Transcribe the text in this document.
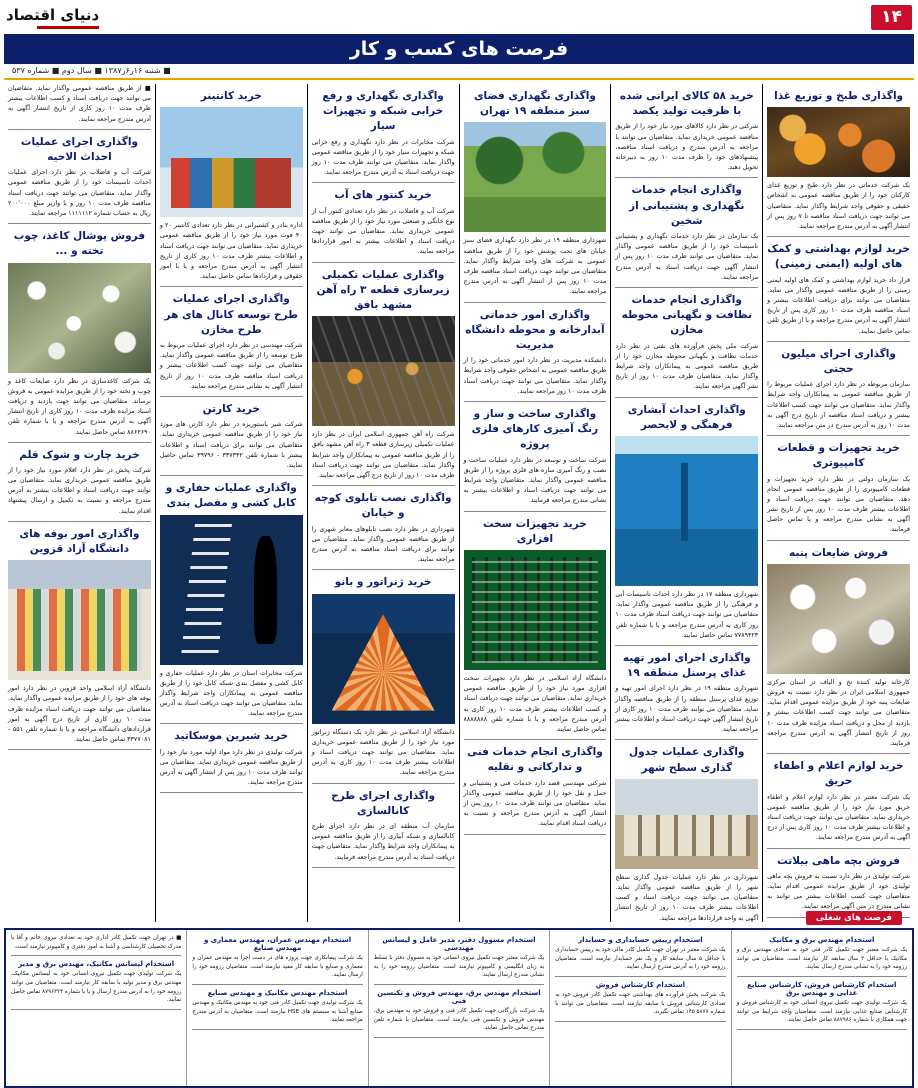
۱۴
دنیای اقتصاد
فرصت های کسب و کار
■ شنبه ۱۶ر۶ر۱۳۸۷ ■ سال دوم ■ شماره ۵۳۷
واگذاری طبخ و توزیع غذا

یک شرکت خدماتی در نظر دارد طبخ و توزیع غذای کارکنان خود را از طریق مناقصه عمومی به اشخاص حقیقی و حقوقی واجد شرایط واگذار نماید. متقاضیان می توانند جهت دریافت اسناد مناقصه تا ۷ روز پس از انتشار آگهی به آدرس مندرج مراجعه نمایند.

خرید لوازم بهداشتی و کمک های اولیه (ایمنی زمینی)

قرار داد خرید لوازم بهداشتی و کمک های اولیه ایمنی زمینی را از طریق مناقصه عمومی واگذار می نماید. متقاضیان می توانند برای دریافت اطلاعات بیشتر و اسناد مناقصه ظرف مدت ۱۰ روز کاری پس از تاریخ انتشار آگهی به آدرس مندرج مراجعه و یا از طریق تلفن تماس حاصل نمایند.

واگذاری اجرای میلیون حجتی

سازمان مربوطه در نظر دارد اجرای عملیات مربوط را از طریق مناقصه عمومی به پیمانکاران واجد شرایط واگذار نماید. متقاضیان می توانند جهت کسب اطلاعات بیشتر و دریافت اسناد مناقصه از تاریخ درج آگهی به مدت ۱۰ روز به آدرس مندرج در متن مراجعه نمایند.

خرید تجهیزات و قطعات کامپیوتری

یک سازمان دولتی در نظر دارد خرید تجهیزات و قطعات کامپیوتری را از طریق مناقصه عمومی انجام دهد. متقاضیان می توانند جهت دریافت اسناد و اطلاعات بیشتر ظرف مدت ۱۰ روز پس از تاریخ نشر آگهی به نشانی مندرج مراجعه و یا تماس حاصل فرمایند.

فروش ضایعات پنبه

کارخانه تولید کننده نخ و الیاف در استان مرکزی جمهوری اسلامی ایران در نظر دارد نسبت به فروش ضایعات پنبه خود از طریق مزایده عمومی اقدام نماید. متقاضیان می توانند جهت کسب اطلاعات بیشتر و بازدید از محل و دریافت اسناد مزایده ظرف مدت ۱۰ روز از تاریخ انتشار آگهی به آدرس مندرج مراجعه فرمایند.

خرید لوازم اعلام و اطفاء حریق

یک شرکت معتبر در نظر دارد لوازم اعلام و اطفاء حریق مورد نیاز خود را از طریق مناقصه عمومی خریداری نماید. متقاضیان می توانند جهت دریافت اسناد و اطلاعات بیشتر ظرف مدت ۱۰ روز کاری پس از درج آگهی به آدرس مندرج مراجعه نمایند.

فروش بچه ماهی بیلاتت

شرکت تولیدی در نظر دارد نسبت به فروش بچه ماهی تولیدی خود از طریق مزایده عمومی اقدام نماید. متقاضیان جهت کسب اطلاعات بیشتر می توانند به نشانی مندرج در متن آگهی مراجعه نمایند.

خرید ۵۸ کالای ایرانی شده با ظرفیت تولید یکصد

شرکتی در نظر دارد کالاهای مورد نیاز خود را از طریق مناقصه عمومی خریداری نماید. متقاضیان می توانند با مراجعه به آدرس مندرج و دریافت اسناد مناقصه، پیشنهادهای خود را ظرف مدت ۱۰ روز به دبیرخانه تحویل دهند.

واگذاری انجام خدمات نگهداری و پشتیبانی از شخین

یک سازمان در نظر دارد خدمات نگهداری و پشتیبانی تاسیسات خود را از طریق مناقصه عمومی واگذار نماید. متقاضیان می توانند ظرف مدت ۱۰ روز پس از انتشار آگهی جهت دریافت اسناد به آدرس مندرج مراجعه نمایند.

واگذاری انجام خدمات نظافت و نگهبانی محوطه مخازن

شرکت ملی پخش فرآورده های نفتی در نظر دارد خدمات نظافت و نگهبانی محوطه مخازن خود را از طریق مناقصه عمومی به پیمانکاران واجد شرایط واگذار نماید. متقاضیان ظرف مدت ۱۰ روز از تاریخ نشر آگهی مراجعه نمایند.

واگذاری احداث آبشاری فرهنگی و لایحصر

شهرداری منطقه ۱۷ در نظر دارد احداث تاسیسات آبی و فرهنگی را از طریق مناقصه عمومی واگذار نماید. متقاضیان می توانند جهت دریافت اسناد ظرف مدت ۱۰ روز کاری به آدرس مندرج مراجعه و یا با شماره تلفن ۷۷۸۹۴۲۳ تماس حاصل نمایند.

واگذاری اجرای امور تهیه غذای پرسنل منطقه ۱۹

شهرداری منطقه ۱۹ در نظر دارد اجرای امور تهیه و توزیع غذای پرسنل منطقه را از طریق مناقصه واگذار نماید. متقاضیان می توانند ظرف مدت ۱۰ روز کاری از تاریخ انتشار آگهی جهت دریافت اسناد و اطلاعات بیشتر مراجعه نمایند.

واگذاری عملیات جدول گذاری سطح شهر

شهرداری در نظر دارد عملیات جدول گذاری سطح شهر را از طریق مناقصه عمومی واگذار نماید. متقاضیان می توانند جهت دریافت اسناد و کسب اطلاعات بیشتر ظرف مدت ۱۰ روز از تاریخ انتشار آگهی به واحد قراردادها مراجعه نمایند.

واگذاری نگهداری فضای سبز منطقه ۱۹ تهران

شهرداری منطقه ۱۹ در نظر دارد نگهداری فضای سبز خیابان های تحت پوشش خود را از طریق مناقصه عمومی به شرکت های واجد شرایط واگذار نماید. متقاضیان می توانند جهت دریافت اسناد مناقصه ظرف مدت ۱۰ روز پس از انتشار آگهی به آدرس مندرج مراجعه نمایند.

واگذاری امور خدماتی آبدارخانه و محوطه دانشگاه مدیریت

دانشکده مدیریت در نظر دارد امور خدماتی خود را از طریق مناقصه عمومی به اشخاص حقوقی واجد شرایط واگذار نماید. متقاضیان می توانند جهت دریافت اسناد ظرف مدت ۱۰ روز مراجعه نمایند.

واگذاری ساخت و ساز و رنگ آمیزی کارهای فلزی پروژه

شرکت ساخت و توسعه در نظر دارد عملیات ساخت و نصب و رنگ آمیزی سازه های فلزی پروژه را از طریق مناقصه عمومی واگذار نماید. متقاضیان واجد شرایط می توانند جهت دریافت اسناد و اطلاعات بیشتر به نشانی مندرج مراجعه فرمایند.

خرید تجهیزات سخت افزاری

دانشگاه آزاد اسلامی در نظر دارد تجهیزات سخت افزاری مورد نیاز خود را از طریق مناقصه عمومی خریداری نماید. متقاضیان می توانند جهت دریافت اسناد و کسب اطلاعات بیشتر ظرف مدت ۱۰ روز کاری به آدرس مندرج مراجعه و یا با شماره تلفن ۸۸۸۸۸۸۸ تماس حاصل نمایند.

واگذاری انجام خدمات فنی و تدارکاتی و نقلیه

شرکتی مهندسی قصد دارد خدمات فنی و پشتیبانی و حمل و نقل خود را از طریق مناقصه عمومی واگذار نماید. متقاضیان می توانند ظرف مدت ۱۰ روز پس از انتشار آگهی به آدرس مندرج مراجعه و نسبت به دریافت اسناد اقدام نمایند.

واگذاری نگهداری و رفع خرابی شبکه و تجهیزات سیار

شرکت مخابرات در نظر دارد نگهداری و رفع خرابی شبکه و تجهیزات سیار خود را از طریق مناقصه عمومی واگذار نماید. متقاضیان می توانند ظرف مدت ۱۰ روز جهت دریافت اسناد به آدرس مندرج مراجعه نمایند.

خرید کنتور های آب

شرکت آب و فاضلاب در نظر دارد تعدادی کنتور آب از نوع خانگی و صنعتی مورد نیاز خود را از طریق مناقصه عمومی خریداری نماید. متقاضیان می توانند جهت دریافت اسناد و اطلاعات بیشتر به امور قراردادها مراجعه نمایند.

واگذاری عملیات تکمیلی زیرسازی قطعه ۳ راه آهن مشهد بافق

شرکت راه آهن جمهوری اسلامی ایران در نظر دارد عملیات تکمیلی زیرسازی قطعه ۳ راه آهن مشهد بافق را از طریق مناقصه عمومی به پیمانکاران واجد شرایط واگذار نماید. متقاضیان می توانند جهت دریافت اسناد ظرف مدت ۱۰ روز از تاریخ درج آگهی مراجعه نمایند.

واگذاری نصب تابلوی کوچه و خیابان

شهرداری در نظر دارد نصب تابلوهای معابر شهری را از طریق مناقصه عمومی واگذار نماید. متقاضیان می توانند برای دریافت اسناد مناقصه به آدرس مندرج مراجعه نمایند.

خرید ژنراتور و بانو

دانشگاه آزاد اسلامی در نظر دارد یک دستگاه ژنراتور مورد نیاز خود را از طریق مناقصه عمومی خریداری نماید. متقاضیان می توانند جهت دریافت اسناد و اطلاعات بیشتر ظرف مدت ۱۰ روز کاری به آدرس مندرج مراجعه نمایند.

واگذاری اجرای طرح کانالسازی

سازمان آب منطقه ای در نظر دارد اجرای طرح کانالسازی و شبکه آبیاری را از طریق مناقصه عمومی به پیمانکاران واجد شرایط واگذار نماید. متقاضیان جهت دریافت اسناد به آدرس مندرج مراجعه فرمایند.

خرید کانتینر

اداره بنادر و کشتیرانی در نظر دارد تعدادی کانتینر ۲۰ و ۴۰ فوت مورد نیاز خود را از طریق مناقصه عمومی خریداری نماید. متقاضیان می توانند جهت دریافت اسناد و اطلاعات بیشتر ظرف مدت ۱۰ روز کاری از تاریخ انتشار آگهی به آدرس مندرج مراجعه و یا با امور حقوقی و قراردادها تماس حاصل نمایند.

واگذاری اجرای عملیات طرح توسعه کانال های هر طرح مخازن

شرکت مهندسی در نظر دارد اجرای عملیات مربوط به طرح توسعه را از طریق مناقصه عمومی واگذار نماید. متقاضیان می توانند جهت کسب اطلاعات بیشتر و دریافت اسناد مناقصه ظرف مدت ۱۰ روز از تاریخ انتشار آگهی به نشانی مندرج مراجعه نمایند.

خرید کارتن

شرکت شیر پاستوریزه در نظر دارد کارتن های مورد نیاز خود را از طریق مناقصه عمومی خریداری نماید. متقاضیان می توانند برای دریافت اسناد و اطلاعات بیشتر با شماره تلفن ۳۳۷۳۳۲ - ۳۹۷۹۶ تماس حاصل نمایند.

واگذاری عملیات حفاری و کابل کشی و مفصل بندی

شرکت مخابرات استان در نظر دارد عملیات حفاری و کابل کشی و مفصل بندی شبکه کابل خود را از طریق مناقصه عمومی به پیمانکاران واجد شرایط واگذار نماید. متقاضیان می توانند جهت دریافت اسناد به آدرس مندرج مراجعه نمایند.

خرید شیرین موسکاتید

شرکت تولیدی در نظر دارد مواد اولیه مورد نیاز خود را از طریق مناقصه عمومی خریداری نماید. متقاضیان می توانند ظرف مدت ۱۰ روز پس از انتشار آگهی به آدرس مندرج مراجعه نمایند.

■ از طریق مناقصه عمومی واگذار نماید. متقاضیان می توانند جهت دریافت اسناد و کسب اطلاعات بیشتر ظرف مدت ۱۰ روز کاری از تاریخ انتشار آگهی به آدرس مندرج مراجعه نمایند.

واگذاری اجرای عملیات احداث الاحیه

شرکت آب و فاضلاب در نظر دارد اجرای عملیات احداث تاسیسات خود را از طریق مناقصه عمومی واگذار نماید. متقاضیان می توانند جهت دریافت اسناد مناقصه ظرف مدت ۱۰ روز و با واریز مبلغ ۲۰۰٬۰۰۰ ریال به حساب شماره ۱۱۱۱۱۱۲ مراجعه نمایند.

فروش پوشال کاغذ، چوب تخته و ...

یک شرکت کاغذسازی در نظر دارد ضایعات کاغذ و چوب و تخته خود را از طریق مزایده عمومی به فروش برساند. متقاضیان می توانند جهت بازدید و دریافت اسناد مزایده ظرف مدت ۱۰ روز کاری از تاریخ انتشار آگهی به آدرس مندرج مراجعه و یا با شماره تلفن ۸۸۶۲۶۹۰ تماس حاصل نمایند.

خرید چارت و شوک قلم

شرکت پخش در نظر دارد اقلام مورد نیاز خود را از طریق مناقصه عمومی خریداری نماید. متقاضیان می توانند جهت دریافت اسناد و اطلاعات بیشتر به آدرس مندرج مراجعه و نسبت به تکمیل و ارسال پیشنهاد اقدام نمایند.

واگذاری امور بوفه های دانشگاه آزاد قزوین

دانشگاه آزاد اسلامی واحد قزوین در نظر دارد امور بوفه های خود را از طریق مزایده عمومی واگذار نماید. متقاضیان می توانند جهت دریافت اسناد مزایده ظرف مدت ۱۰ روز کاری از تاریخ درج آگهی به امور قراردادهای دانشگاه مراجعه و یا با شماره تلفن ۵۵۱ - ۳۳۷۷۰۸۱ تماس حاصل نمایند.

فرصت های شغلی
استخدام مهندس برق و مکانیک

یک شرکت معتبر جهت تکمیل کادر فنی خود به تعدادی مهندس برق و مکانیک با حداقل ۳ سال سابقه کار نیازمند است. متقاضیان می توانند رزومه خود را به نشانی مندرج ارسال نمایند.

استخدام کارشناس فروش، کارشناس صنایع غذایی و مهندس برق

یک شرکت تولیدی جهت تکمیل نیروی انسانی خود به کارشناس فروش و کارشناس صنایع غذایی نیازمند است. متقاضیان واجد شرایط می توانند جهت همکاری با شماره ۸۸۷۹۸۶ تماس حاصل نمایند.

استخدام رییس حسابداری و حسابدار

یک شرکت معتبر در تهران جهت تکمیل کادر مالی خود به رییس حسابداری با حداقل ۵ سال سابقه کار و یک نفر حسابدار نیازمند است. متقاضیان رزومه خود را به آدرس مندرج ارسال نمایند.

استخدام کارشناس فروش

یک شرکت پخش فرآورده های بهداشتی جهت تکمیل کادر فروش خود به تعدادی کارشناس فروش با سابقه نیازمند است. متقاضیان می توانند با شماره ۵۸۷۷ ۱۴۵ تماس بگیرند.

استخدام مسوول دفتر، مدیر عامل و لیسانس مهندسی

یک شرکت معتبر جهت تکمیل نیروی انسانی خود به مسوول دفتر با تسلط به زبان انگلیسی و کامپیوتر نیازمند است. متقاضیان رزومه خود را به نشانی مندرج ارسال نمایند.

استخدام مهندس برق، مهندس فروش و تکنسین فنی

یک شرکت بازرگانی جهت تکمیل کادر فنی و فروش خود به مهندس برق، مهندس فروش و تکنسین فنی نیازمند است. متقاضیان با شماره تلفن مندرج تماس حاصل نمایند.

استخدام مهندس عمران، مهندس معماری و مهندس صنایع

یک شرکت پیمانکاری جهت پروژه های در دست اجرا به مهندس عمران و معماری و صنایع با سابقه کار مفید نیازمند است. متقاضیان رزومه خود را ارسال نمایند.

استخدام مهندس مکانیک و مهندس صنایع

یک شرکت تولیدی جهت تکمیل کادر فنی خود به مهندس مکانیک و مهندس صنایع آشنا به سیستم های HSE نیازمند است. متقاضیان به آدرس مندرج مراجعه نمایند.

■ در تهران جهت تکمیل کادر اداری خود به تعدادی نیروی خانم و آقا با مدرک تحصیلی کارشناسی و آشنا به امور دفتری و کامپیوتر نیازمند است.

استخدام لیسانس مکانیک، مهندس برق و مدیر

یک شرکت تولیدی جهت تکمیل نیروی انسانی خود به لیسانس مکانیک، مهندس برق و مدیر تولید با سابقه کار نیازمند است. متقاضیان می توانند رزومه خود را به آدرس مندرج ارسال و یا با شماره ۸۷۹۶۳۳۴ تماس حاصل نمایند.
